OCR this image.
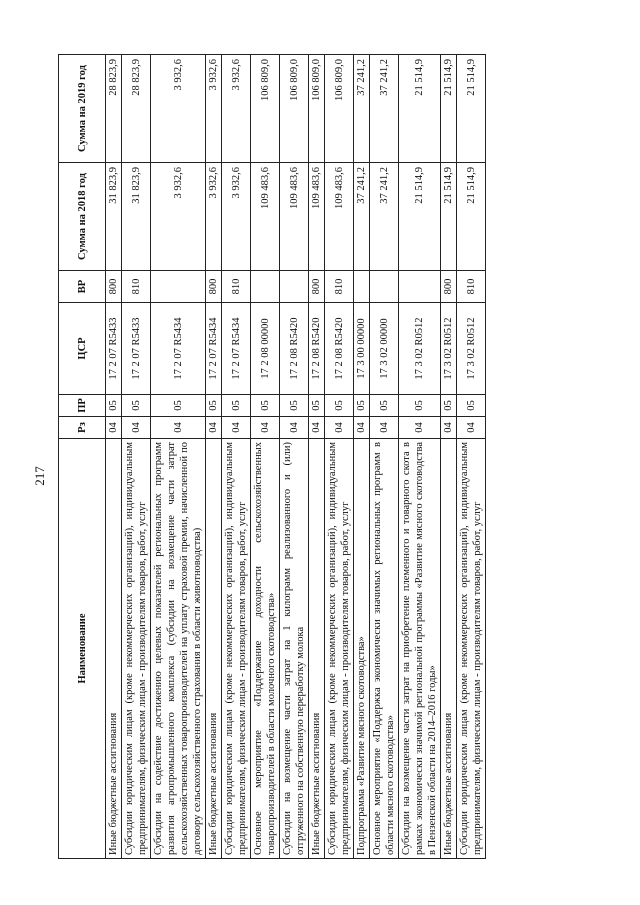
217
Наименование	Рз	ПР	ЦСР	ВР	Сумма на 2018 год	Сумма на 2019 год
Иные бюджетные ассигнования	04	05	17 2 07 R5433	800	31 823,9	28 823,9
Субсидии юридическим лицам (кроме некоммерческих организаций), индивидуальным предпринимателям, физическим лицам - производителям товаров, работ, услуг	04	05	17 2 07 R5433	810	31 823,9	28 823,9
Субсидии на содействие достижению целевых показателей региональных программ развития агропромышленного комплекса (субсидии на возмещение части затрат сельскохозяйственных товаропроизводителей на уплату страховой премии, начисленной по договору сельскохозяйственного страхования в области животноводства)	04	05	17 2 07 R5434		3 932,6	3 932,6
Иные бюджетные ассигнования	04	05	17 2 07 R5434	800	3 932,6	3 932,6
Субсидии юридическим лицам (кроме некоммерческих организаций), индивидуальным предпринимателям, физическим лицам - производителям товаров, работ, услуг	04	05	17 2 07 R5434	810	3 932,6	3 932,6
Основное мероприятие «Поддержание доходности сельскохозяйственных товаропроизводителей в области молочного скотоводства»	04	05	17 2 08 00000		109 483,6	106 809,0
Субсидии на возмещение части затрат на 1 килограмм реализованного и (или) отгруженного на собственную переработку молока	04	05	17 2 08 R5420		109 483,6	106 809,0
Иные бюджетные ассигнования	04	05	17 2 08 R5420	800	109 483,6	106 809,0
Субсидии юридическим лицам (кроме некоммерческих организаций), индивидуальным предпринимателям, физическим лицам - производителям товаров, работ, услуг	04	05	17 2 08 R5420	810	109 483,6	106 809,0
Подпрограмма «Развитие мясного скотоводства»	04	05	17 3 00 00000		37 241,2	37 241,2
Основное мероприятие «Поддержка экономически значимых региональных программ в области мясного скотоводства»	04	05	17 3 02 00000		37 241,2	37 241,2
Субсидии на возмещение части затрат на приобретение племенного и товарного скота в рамках экономически значимой региональной программы «Развитие мясного скотоводства в Пензенской области на 2014–2016 годы»	04	05	17 3 02 R0512		21 514,9	21 514,9
Иные бюджетные ассигнования	04	05	17 3 02 R0512	800	21 514,9	21 514,9
Субсидии юридическим лицам (кроме некоммерческих организаций), индивидуальным предпринимателям, физическим лицам - производителям товаров, работ, услуг	04	05	17 3 02 R0512	810	21 514,9	21 514,9
